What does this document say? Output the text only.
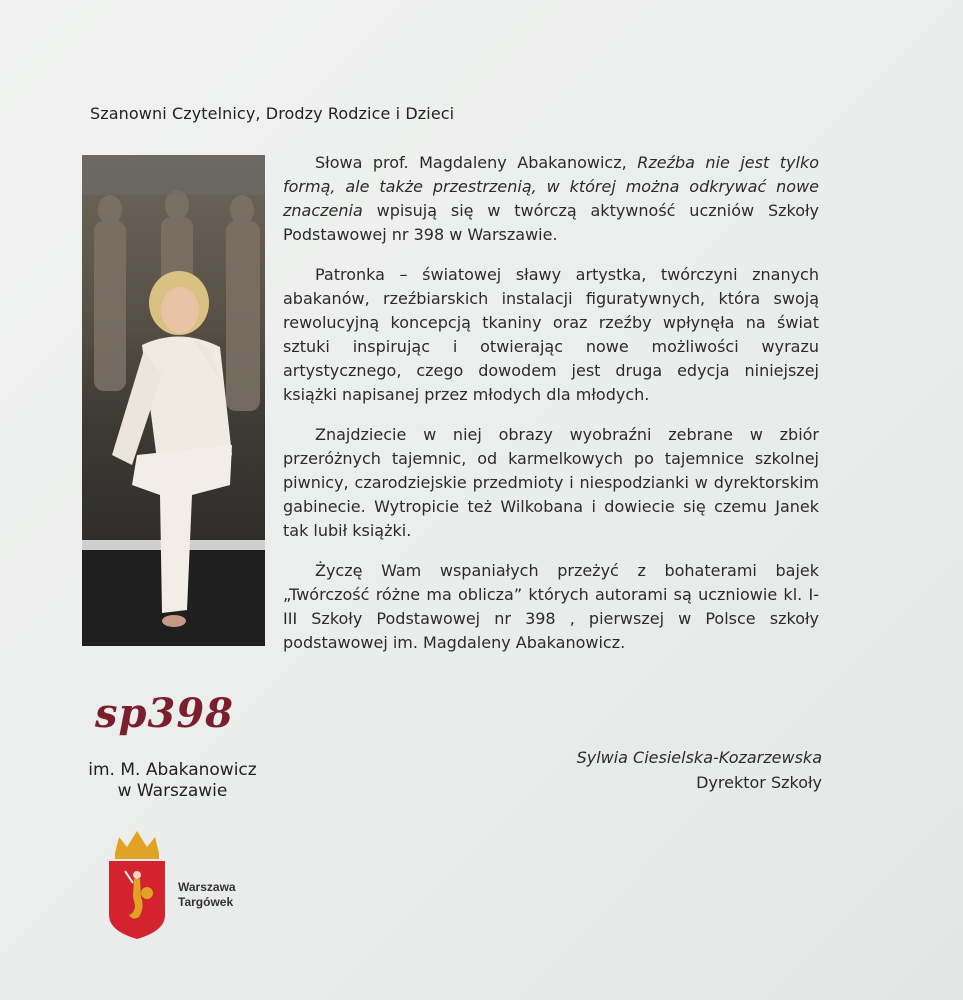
Szanowni Czytelnicy, Drodzy Rodzice i Dzieci

Słowa prof. Magdaleny Abakanowicz, Rzeźba nie jest tylko formą, ale także przestrzenią, w której można odkrywać nowe znaczenia wpisują się w twórczą aktywność uczniów Szkoły Podstawowej nr 398 w Warszawie.

Patronka – światowej sławy artystka, twórczyni znanych abakanów, rzeźbiarskich instalacji figuratywnych, która swoją rewolucyjną koncepcją tkaniny oraz rzeźby wpłynęła na świat sztuki inspirując i otwierając nowe możliwości wyrazu artystycznego, czego dowodem jest druga edycja niniejszej książki napisanej przez młodych dla młodych.

Znajdziecie w niej obrazy wyobraźni zebrane w zbiór przeróżnych tajemnic, od karmelkowych po tajemnice szkolnej piwnicy, czarodziejskie przedmioty i niespodzianki w dyrektorskim gabinecie. Wytropicie też Wilkobana i dowiecie się czemu Janek tak lubił książki.

Życzę Wam wspaniałych przeżyć z bohaterami bajek „Twórczość różne ma oblicza” których autorami są uczniowie kl. I-III Szkoły Podstawowej nr 398 , pierwszej w Polsce szkoły podstawowej im. Magdaleny Abakanowicz.

sp398
im. M. Abakanowicz
w Warszawie
Warszawa
Targówek
Sylwia Ciesielska-Kozarzewska
Dyrektor Szkoły
